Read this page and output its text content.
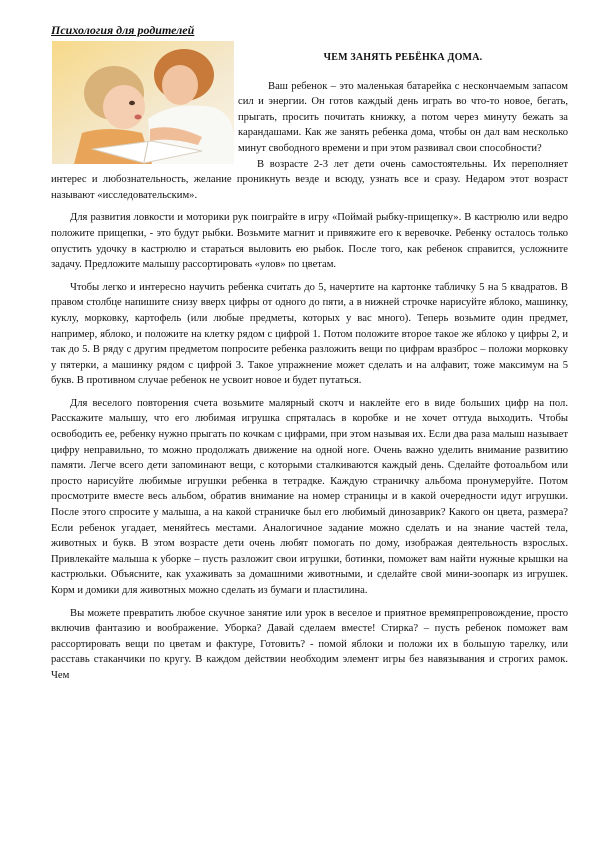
Психология для родителей
ЧЕМ ЗАНЯТЬ РЕБЁНКА ДОМА.

Ваш ребенок – это маленькая батарейка с нескончаемым запасом сил и энергии. Он готов каждый день играть во что-то новое, бегать, прыгать, просить почитать книжку, а потом через минуту бежать за карандашами. Как же занять ребенка дома, чтобы он дал вам несколько минут свободного времени и при этом развивал свои способности?

В возрасте 2-3 лет дети очень самостоятельны. Их переполняет интерес и любознательность, желание проникнуть везде и всюду, узнать все и сразу. Недаром этот возраст называют «исследовательским».

Для развития ловкости и моторики рук поиграйте в игру «Поймай рыбку-прищепку». В кастрюлю или ведро положите прищепки, - это будут рыбки. Возьмите магнит и привяжите его к веревочке. Ребенку осталось только опустить удочку в кастрюлю и стараться выловить ею рыбок. После того, как ребенок справится, усложните задачу. Предложите малышу рассортировать «улов» по цветам.

Чтобы легко и интересно научить ребенка считать до 5, начертите на картонке табличку 5 на 5 квадратов. В правом столбце напишите снизу вверх цифры от одного до пяти, а в нижней строчке нарисуйте яблоко, машинку, куклу, морковку, картофель (или любые предметы, которых у вас много). Теперь возьмите один предмет, например, яблоко, и положите на клетку рядом с цифрой 1. Потом положите второе такое же яблоко у цифры 2, и так до 5. В ряду с другим предметом попросите ребенка разложить вещи по цифрам вразброс – положи морковку у пятерки, а машинку рядом с цифрой 3. Такое упражнение может сделать и на алфавит, тоже максимум на 5 букв. В противном случае ребенок не усвоит новое и будет путаться.

Для веселого повторения счета возьмите малярный скотч и наклейте его в виде больших цифр на пол. Расскажите малышу, что его любимая игрушка спряталась в коробке и не хочет оттуда выходить. Чтобы освободить ее, ребенку нужно прыгать по кочкам с цифрами, при этом называя их. Если два раза малыш называет цифру неправильно, то можно продолжать движение на одной ноге. Очень важно уделить внимание развитию памяти. Легче всего дети запоминают вещи, с которыми сталкиваются каждый день. Сделайте фотоальбом или просто нарисуйте любимые игрушки ребенка в тетрадке. Каждую страничку альбома пронумеруйте. Потом просмотрите вместе весь альбом, обратив внимание на номер страницы и в какой очередности идут игрушки. После этого спросите у малыша, а на какой страничке был его любимый динозаврик? Какого он цвета, размера? Если ребенок угадает, меняйтесь местами. Аналогичное задание можно сделать и на знание частей тела, животных и букв. В этом возрасте дети очень любят помогать по дому, изображая деятельность взрослых. Привлекайте малыша к уборке – пусть разложит свои игрушки, ботинки, поможет вам найти нужные крышки на кастрюльки. Объясните, как ухаживать за домашними животными, и сделайте свой мини-зоопарк из игрушек. Корм и домики для животных можно сделать из бумаги и пластилина.

Вы можете превратить любое скучное занятие или урок в веселое и приятное времяпрепровождение, просто включив фантазию и воображение. Уборка? Давай сделаем вместе! Стирка? – пусть ребенок поможет вам рассортировать вещи по цветам и фактуре, Готовить? - помой яблоки и положи их в большую тарелку, или расставь стаканчики по кругу. В каждом действии необходим элемент игры без навязывания и строгих рамок. Чем
